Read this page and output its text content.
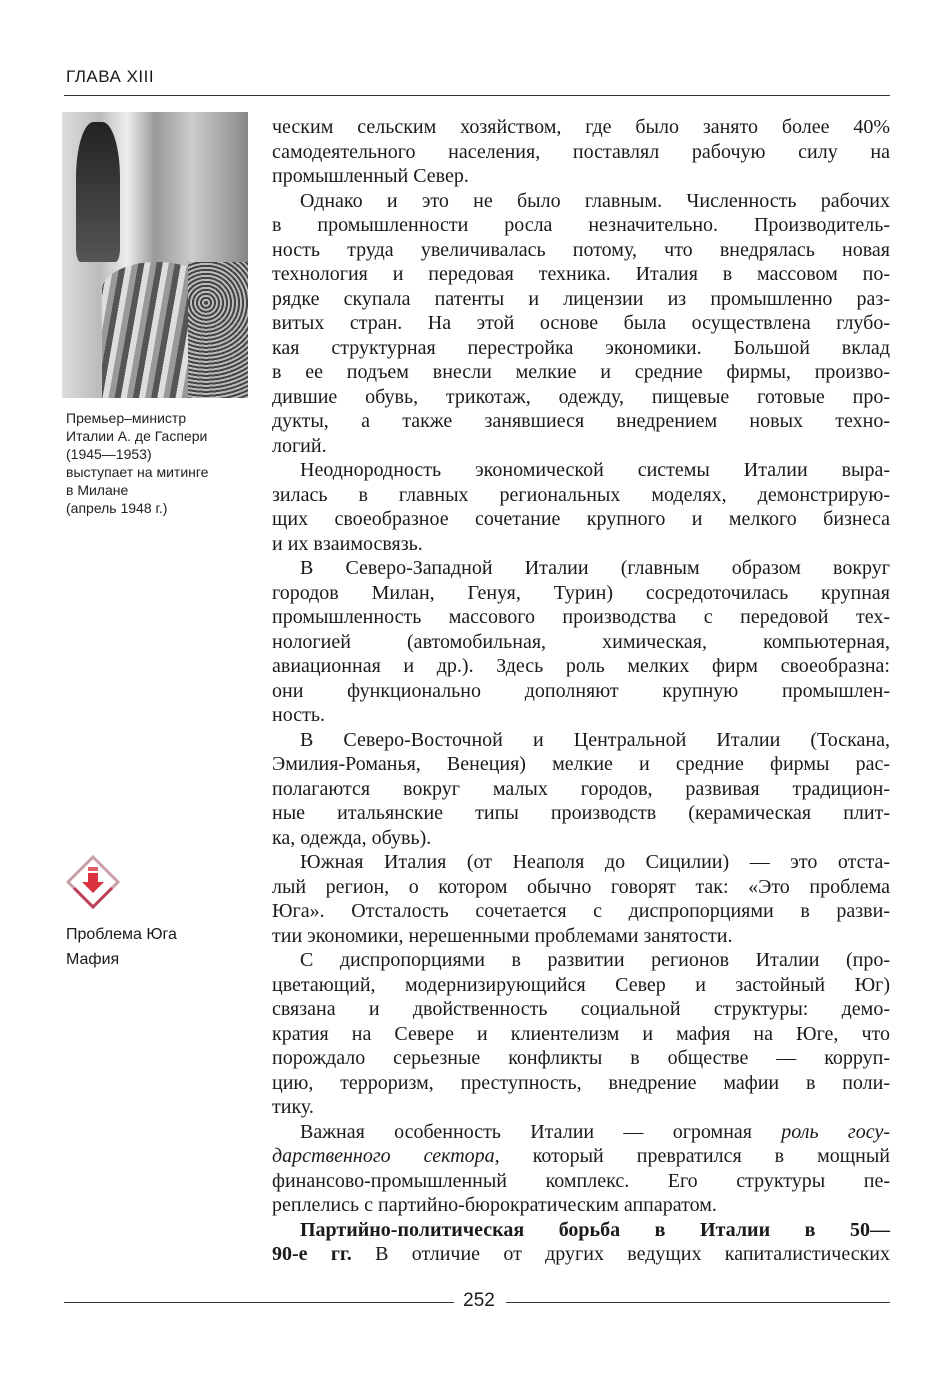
ГЛАВА XIII
Премьер–министр
Италии А. де Гаспери
(1945—1953)
выступает на митинге
в Милане
(апрель 1948 г.)
Проблема Юга
Мафия
ческим сельским хозяйством, где было занято более 40%
самодеятельного населения, поставлял рабочую силу на
промышленный Север.
Однако и это не было главным. Численность рабочих
в промышленности росла незначительно. Производитель-
ность труда увеличивалась потому, что внедрялась новая
технология и передовая техника. Италия в массовом по-
рядке скупала патенты и лицензии из промышленно раз-
витых стран. На этой основе была осуществлена глубо-
кая структурная перестройка экономики. Большой вклад
в ее подъем внесли мелкие и средние фирмы, произво-
дившие обувь, трикотаж, одежду, пищевые готовые про-
дукты, а также занявшиеся внедрением новых техно-
логий.
Неоднородность экономической системы Италии выра-
зилась в главных региональных моделях, демонстрирую-
щих своеобразное сочетание крупного и мелкого бизнеса
и их взаимосвязь.
В Северо-Западной Италии (главным образом вокруг
городов Милан, Генуя, Турин) сосредоточилась крупная
промышленность массового производства с передовой тех-
нологией (автомобильная, химическая, компьютерная,
авиационная и др.). Здесь роль мелких фирм своеобразна:
они функционально дополняют крупную промышлен-
ность.
В Северо-Восточной и Центральной Италии (Тоскана,
Эмилия-Романья, Венеция) мелкие и средние фирмы рас-
полагаются вокруг малых городов, развивая традицион-
ные итальянские типы производств (керамическая плит-
ка, одежда, обувь).
Южная Италия (от Неаполя до Сицилии) — это отста-
лый регион, о котором обычно говорят так: «Это проблема
Юга». Отсталость сочетается с диспропорциями в разви-
тии экономики, нерешенными проблемами занятости.
С диспропорциями в развитии регионов Италии (про-
цветающий, модернизирующийся Север и застойный Юг)
связана и двойственность социальной структуры: демо-
кратия на Севере и клиентелизм и мафия на Юге, что
порождало серьезные конфликты в обществе — корруп-
цию, терроризм, преступность, внедрение мафии в поли-
тику.
Важная особенность Италии — огромная роль госу-
дарственного сектора, который превратился в мощный
финансово-промышленный комплекс. Его структуры пе-
реплелись с партийно-бюрократическим аппаратом.
Партийно-политическая борьба в Италии в 50—
90-е гг. В отличие от других ведущих капиталистических
252
